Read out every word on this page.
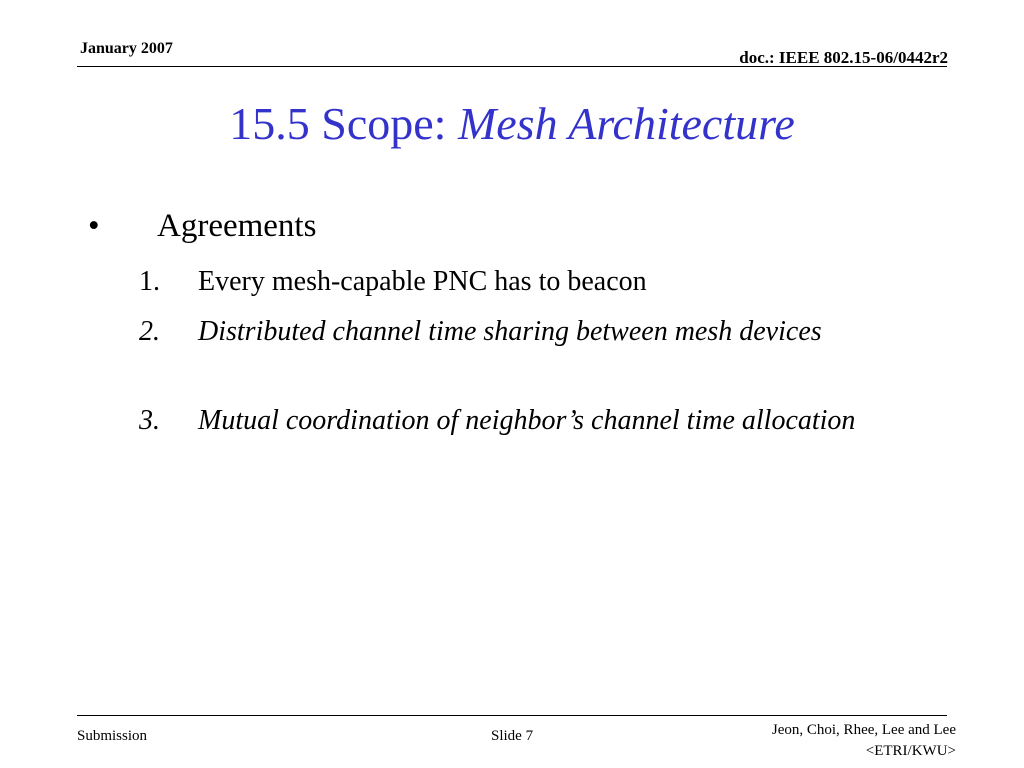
January 2007	doc.: IEEE 802.15-06/0442r2
15.5 Scope: Mesh Architecture
• Agreements
1. Every mesh-capable PNC has to beacon
2. Distributed channel time sharing between mesh devices
3. Mutual coordination of neighbor’s channel time allocation
Submission	Slide 7	Jeon, Choi, Rhee, Lee and Lee
<ETRI/KWU>
